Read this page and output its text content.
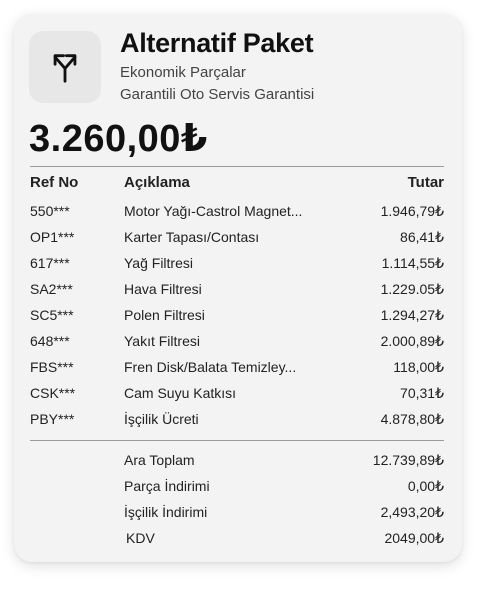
Alternatif Paket
Ekonomik Parçalar
Garantili Oto Servis Garantisi
3.260,00₺
Ref No	Açıklama	Tutar
550***	Motor Yağı-Castrol Magnet...	1.946,79₺
OP1***	Karter Tapası/Contası	86,41₺
617***	Yağ Filtresi	1.114,55₺
SA2***	Hava Filtresi	1.229.05₺
SC5***	Polen Filtresi	1.294,27₺
648***	Yakıt Filtresi	2.000,89₺
FBS***	Fren Disk/Balata Temizley...	118,00₺
CSK***	Cam Suyu Katkısı	70,31₺
PBY***	İşçilik Ücreti	4.878,80₺
Ara Toplam	12.739,89₺
Parça İndirimi	0,00₺
İşçilik İndirimi	2,493,20₺
KDV	2049,00₺
